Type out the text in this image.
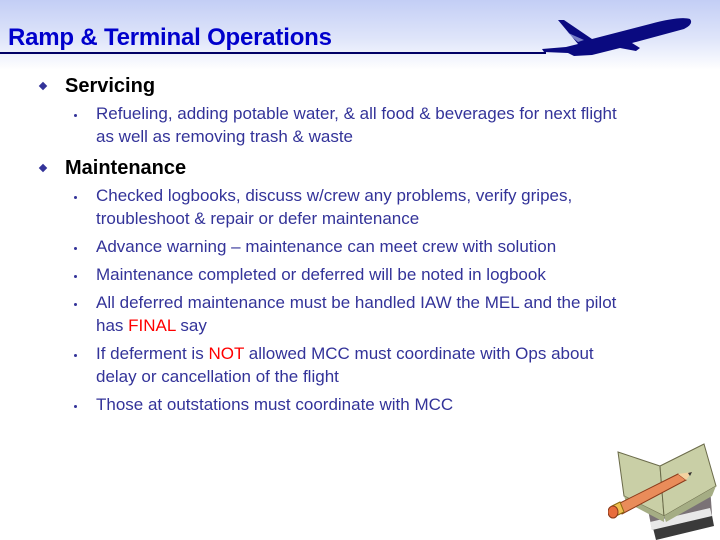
Ramp & Terminal Operations
Servicing
Refueling, adding potable water, & all food & beverages for next flight as well as removing trash & waste
Maintenance
Checked logbooks, discuss w/crew any problems, verify gripes, troubleshoot & repair or defer maintenance
Advance warning – maintenance can meet crew with solution
Maintenance completed or deferred will be noted in logbook
All deferred maintenance must be handled IAW the MEL and the pilot has FINAL say
If deferment is NOT allowed MCC must coordinate with Ops about delay or cancellation of the flight
Those at outstations must coordinate with MCC
